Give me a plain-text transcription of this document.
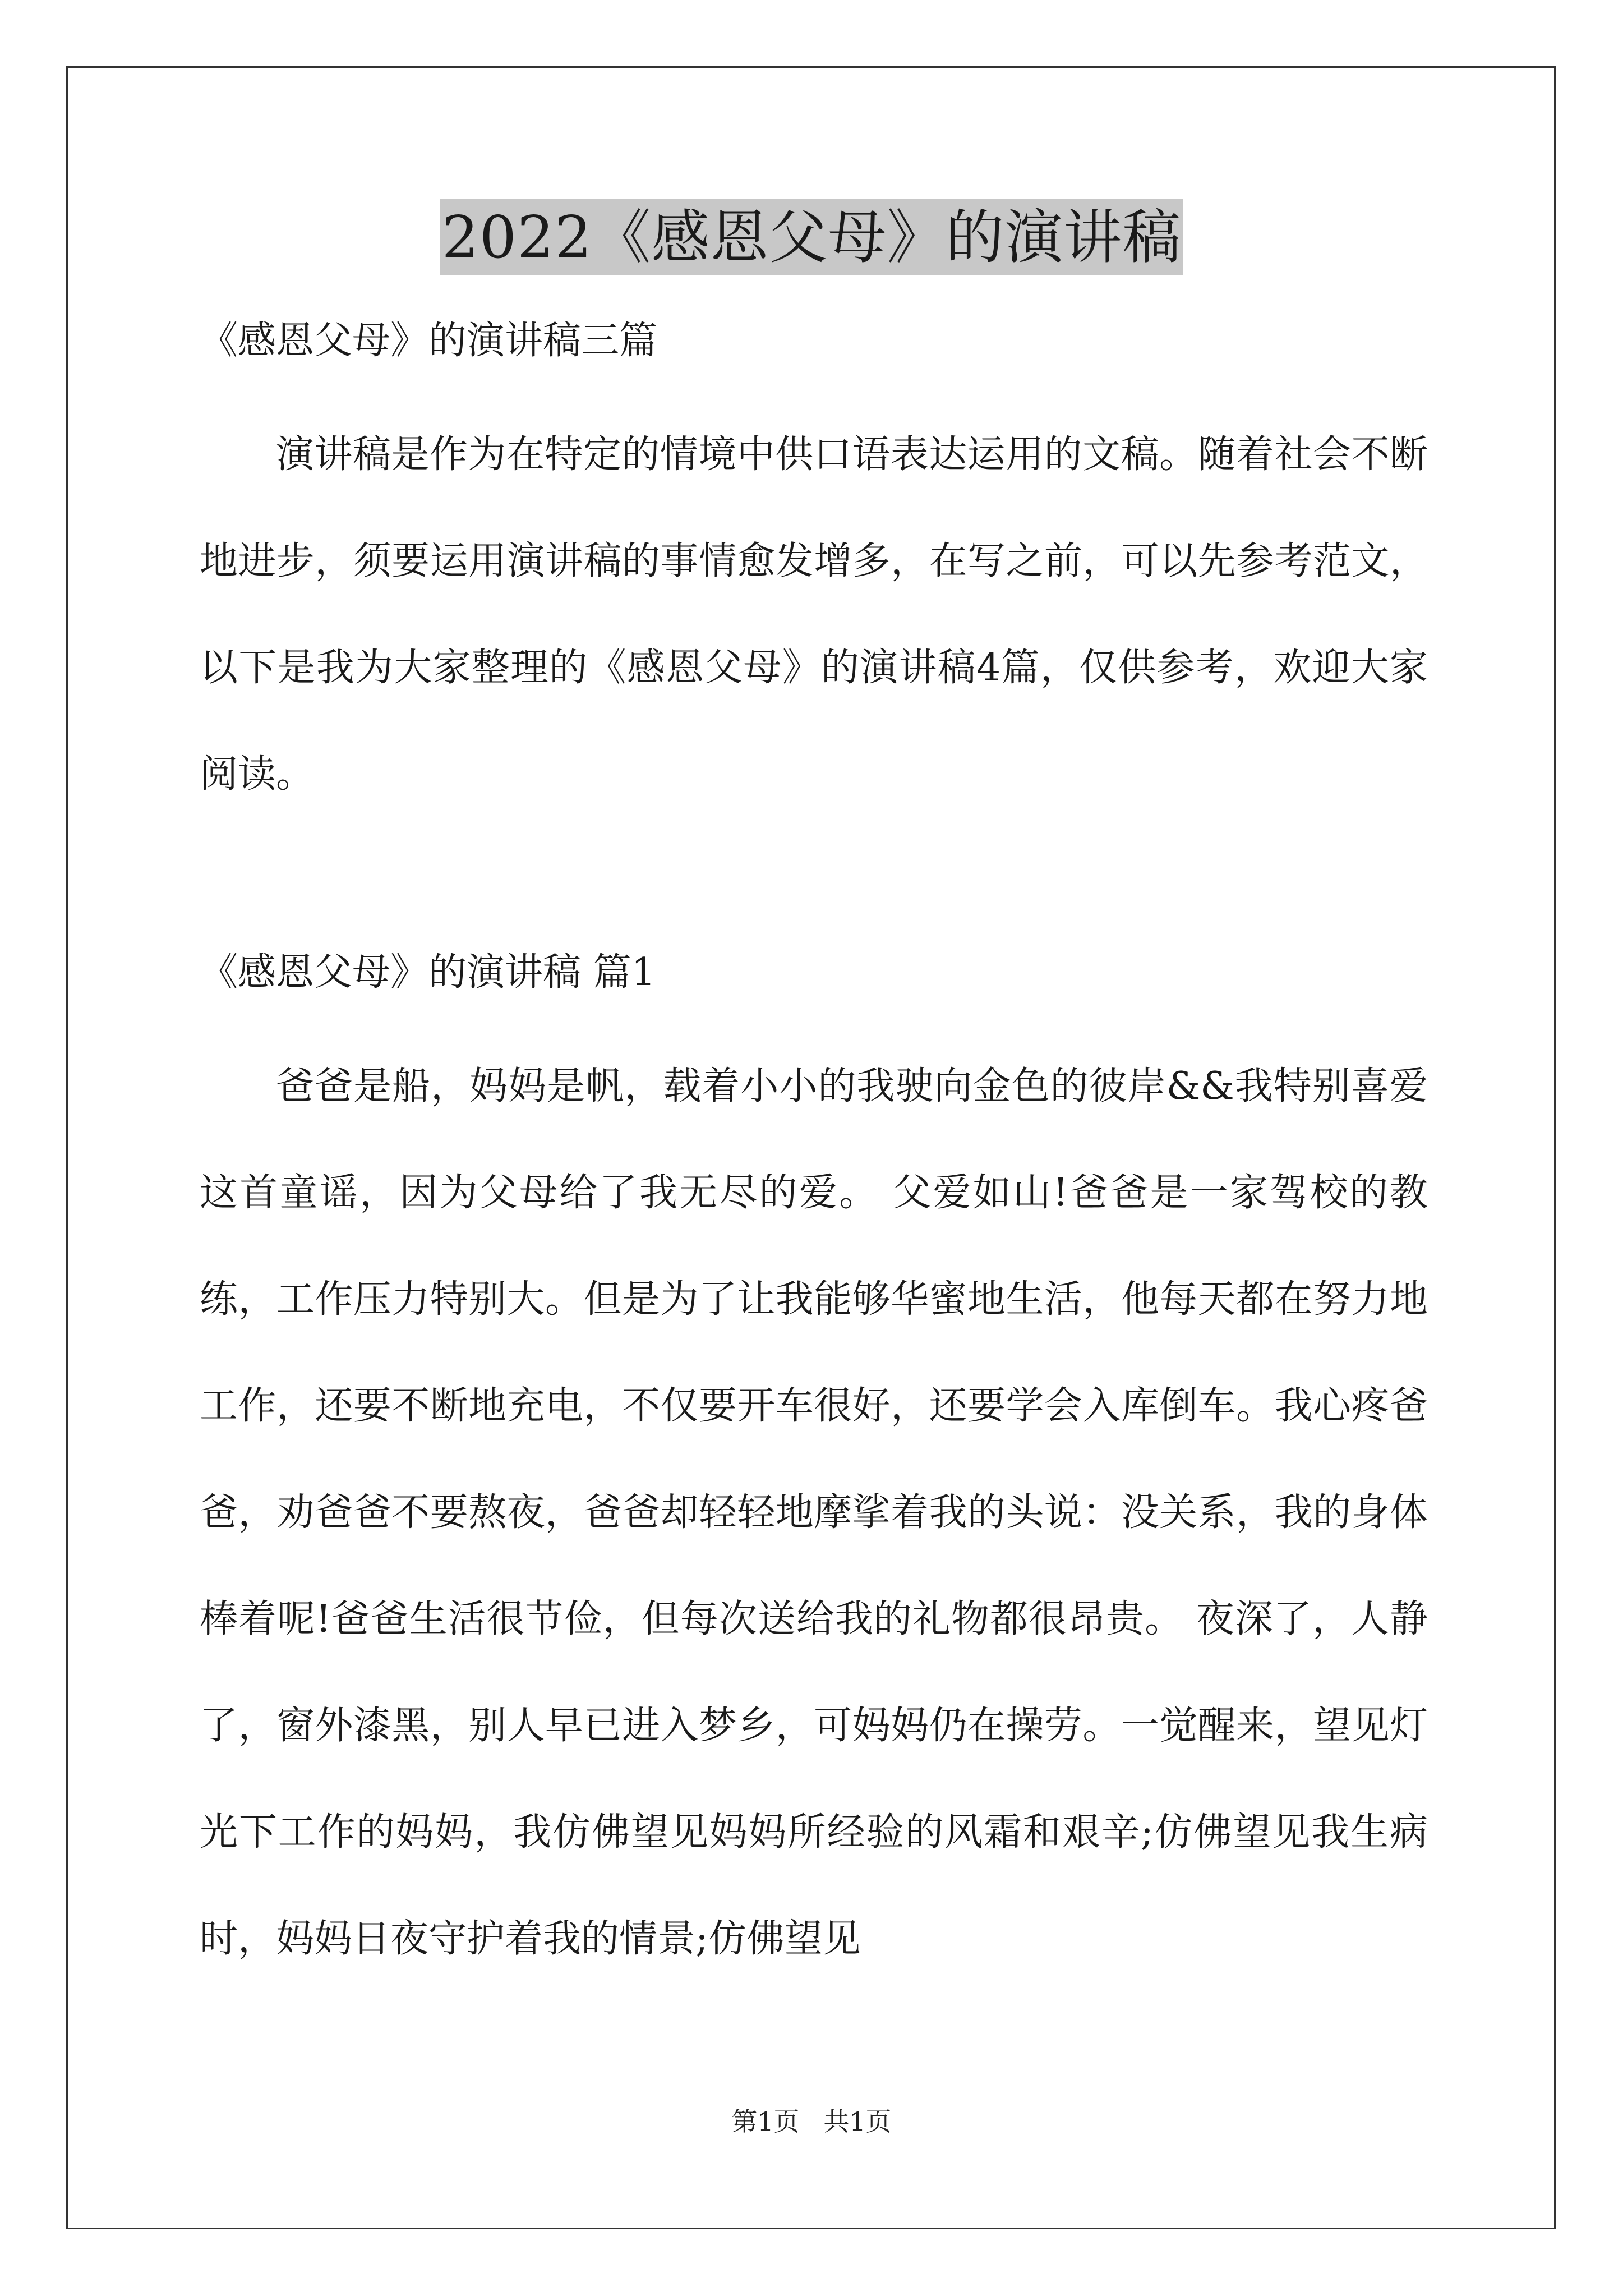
2022《感恩父母》的演讲稿

《感恩父母》的演讲稿三篇

演讲稿是作为在特定的情境中供口语表达运用的文稿。随着社会不断地进步，须要运用演讲稿的事情愈发增多，在写之前，可以先参考范文，以下是我为大家整理的《感恩父母》的演讲稿4篇，仅供参考，欢迎大家阅读。

《感恩父母》的演讲稿 篇1

爸爸是船，妈妈是帆，载着小小的我驶向金色的彼岸&&我特别喜爱这首童谣，因为父母给了我无尽的爱。 父爱如山!爸爸是一家驾校的教练，工作压力特别大。但是为了让我能够华蜜地生活，他每天都在努力地工作，还要不断地充电，不仅要开车很好，还要学会入库倒车。我心疼爸爸，劝爸爸不要熬夜，爸爸却轻轻地摩挲着我的头说：没关系，我的身体棒着呢!爸爸生活很节俭，但每次送给我的礼物都很昂贵。 夜深了，人静了，窗外漆黑，别人早已进入梦乡，可妈妈仍在操劳。一觉醒来，望见灯光下工作的妈妈，我仿佛望见妈妈所经验的风霜和艰辛;仿佛望见我生病时，妈妈日夜守护着我的情景;仿佛望见

第1页 共1页
